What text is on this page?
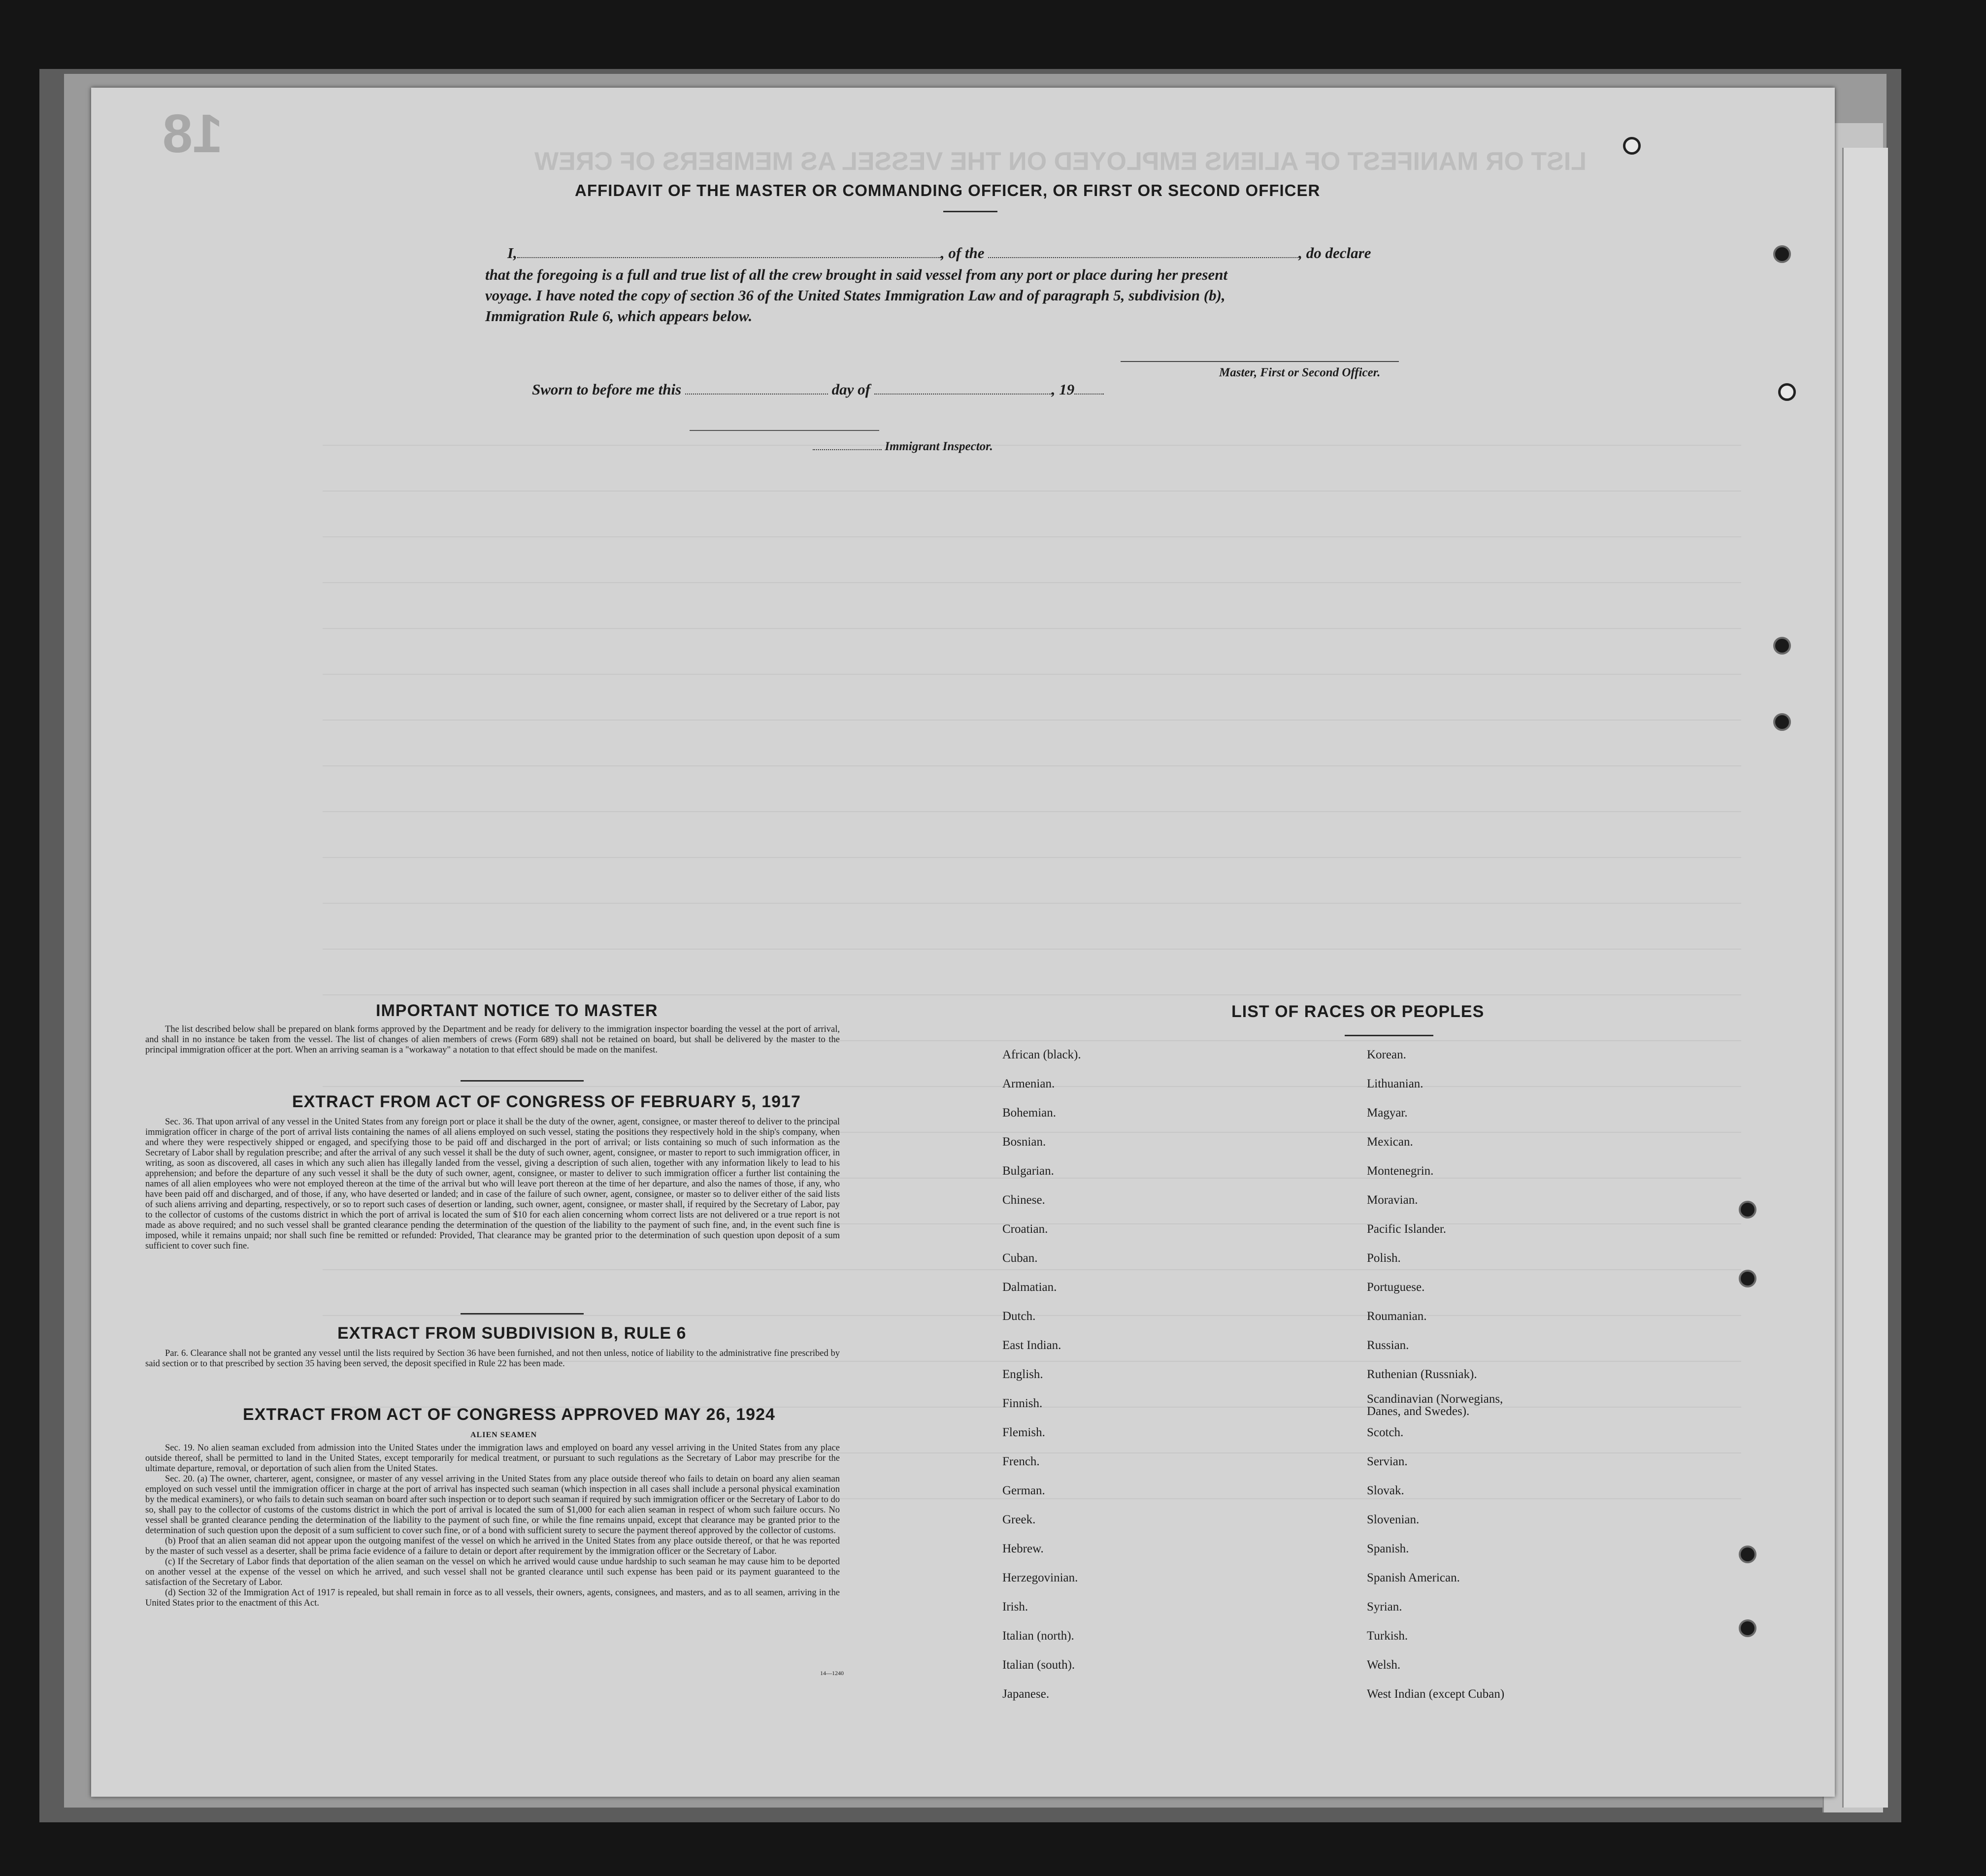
LIST OR MANIFEST OF ALIENS EMPLOYED ON THE VESSEL AS MEMBERS OF CREW
18
AFFIDAVIT OF THE MASTER OR COMMANDING OFFICER, OR FIRST OR SECOND OFFICER
I,	, of the	, do declare
that the foregoing is a full and true list of all the crew brought in said vessel from any port or place during her present
voyage. I have noted the copy of section 36 of the United States Immigration Law and of paragraph 5, subdivision (b),
Immigration Rule 6, which appears below.
Master, First or Second Officer.
Sworn to before me this	day of	, 19
Immigrant Inspector.
IMPORTANT NOTICE TO MASTER

The list described below shall be prepared on blank forms approved by the Department and be ready for delivery to the immigration inspector boarding the vessel at the port of arrival, and shall in no instance be taken from the vessel. The list of changes of alien members of crews (Form 689) shall not be retained on board, but shall be delivered by the master to the principal immigration officer at the port. When an arriving seaman is a "workaway" a notation to that effect should be made on the manifest.

EXTRACT FROM ACT OF CONGRESS OF FEBRUARY 5, 1917

Sec. 36. That upon arrival of any vessel in the United States from any foreign port or place it shall be the duty of the owner, agent, consignee, or master thereof to deliver to the principal immigration officer in charge of the port of arrival lists containing the names of all aliens employed on such vessel, stating the positions they respectively hold in the ship's company, when and where they were respectively shipped or engaged, and specifying those to be paid off and discharged in the port of arrival; or lists containing so much of such information as the Secretary of Labor shall by regulation prescribe; and after the arrival of any such vessel it shall be the duty of such owner, agent, consignee, or master to report to such immigration officer, in writing, as soon as discovered, all cases in which any such alien has illegally landed from the vessel, giving a description of such alien, together with any information likely to lead to his apprehension; and before the departure of any such vessel it shall be the duty of such owner, agent, consignee, or master to deliver to such immigration officer a further list containing the names of all alien employees who were not employed thereon at the time of the arrival but who will leave port thereon at the time of her departure, and also the names of those, if any, who have been paid off and discharged, and of those, if any, who have deserted or landed; and in case of the failure of such owner, agent, consignee, or master so to deliver either of the said lists of such aliens arriving and departing, respectively, or so to report such cases of desertion or landing, such owner, agent, consignee, or master shall, if required by the Secretary of Labor, pay to the collector of customs of the customs district in which the port of arrival is located the sum of $10 for each alien concerning whom correct lists are not delivered or a true report is not made as above required; and no such vessel shall be granted clearance pending the determination of the question of the liability to the payment of such fine, and, in the event such fine is imposed, while it remains unpaid; nor shall such fine be remitted or refunded: Provided, That clearance may be granted prior to the determination of such question upon deposit of a sum sufficient to cover such fine.

EXTRACT FROM SUBDIVISION B, RULE 6

Par. 6. Clearance shall not be granted any vessel until the lists required by Section 36 have been furnished, and not then unless, notice of liability to the administrative fine prescribed by said section or to that prescribed by section 35 having been served, the deposit specified in Rule 22 has been made.

EXTRACT FROM ACT OF CONGRESS APPROVED MAY 26, 1924
ALIEN SEAMEN

Sec. 19. No alien seaman excluded from admission into the United States under the immigration laws and employed on board any vessel arriving in the United States from any place outside thereof, shall be permitted to land in the United States, except temporarily for medical treatment, or pursuant to such regulations as the Secretary of Labor may prescribe for the ultimate departure, removal, or deportation of such alien from the United States.

Sec. 20. (a) The owner, charterer, agent, consignee, or master of any vessel arriving in the United States from any place outside thereof who fails to detain on board any alien seaman employed on such vessel until the immigration officer in charge at the port of arrival has inspected such seaman (which inspection in all cases shall include a personal physical examination by the medical examiners), or who fails to detain such seaman on board after such inspection or to deport such seaman if required by such immigration officer or the Secretary of Labor to do so, shall pay to the collector of customs of the customs district in which the port of arrival is located the sum of $1,000 for each alien seaman in respect of whom such failure occurs. No vessel shall be granted clearance pending the determination of the liability to the payment of such fine, or while the fine remains unpaid, except that clearance may be granted prior to the determination of such question upon the deposit of a sum sufficient to cover such fine, or of a bond with sufficient surety to secure the payment thereof approved by the collector of customs.

(b) Proof that an alien seaman did not appear upon the outgoing manifest of the vessel on which he arrived in the United States from any place outside thereof, or that he was reported by the master of such vessel as a deserter, shall be prima facie evidence of a failure to detain or deport after requirement by the immigration officer or the Secretary of Labor.

(c) If the Secretary of Labor finds that deportation of the alien seaman on the vessel on which he arrived would cause undue hardship to such seaman he may cause him to be deported on another vessel at the expense of the vessel on which he arrived, and such vessel shall not be granted clearance until such expense has been paid or its payment guaranteed to the satisfaction of the Secretary of Labor.

(d) Section 32 of the Immigration Act of 1917 is repealed, but shall remain in force as to all vessels, their owners, agents, consignees, and masters, and as to all seamen, arriving in the United States prior to the enactment of this Act.

14—1240
LIST OF RACES OR PEOPLES
African (black).
Armenian.
Bohemian.
Bosnian.
Bulgarian.
Chinese.
Croatian.
Cuban.
Dalmatian.
Dutch.
East Indian.
English.
Finnish.
Flemish.
French.
German.
Greek.
Hebrew.
Herzegovinian.
Irish.
Italian (north).
Italian (south).
Japanese.
Korean.
Lithuanian.
Magyar.
Mexican.
Montenegrin.
Moravian.
Pacific Islander.
Polish.
Portuguese.
Roumanian.
Russian.
Ruthenian (Russniak).
Scandinavian (Norwegians, Danes, and Swedes).
Scotch.
Servian.
Slovak.
Slovenian.
Spanish.
Spanish American.
Syrian.
Turkish.
Welsh.
West Indian (except Cuban)
